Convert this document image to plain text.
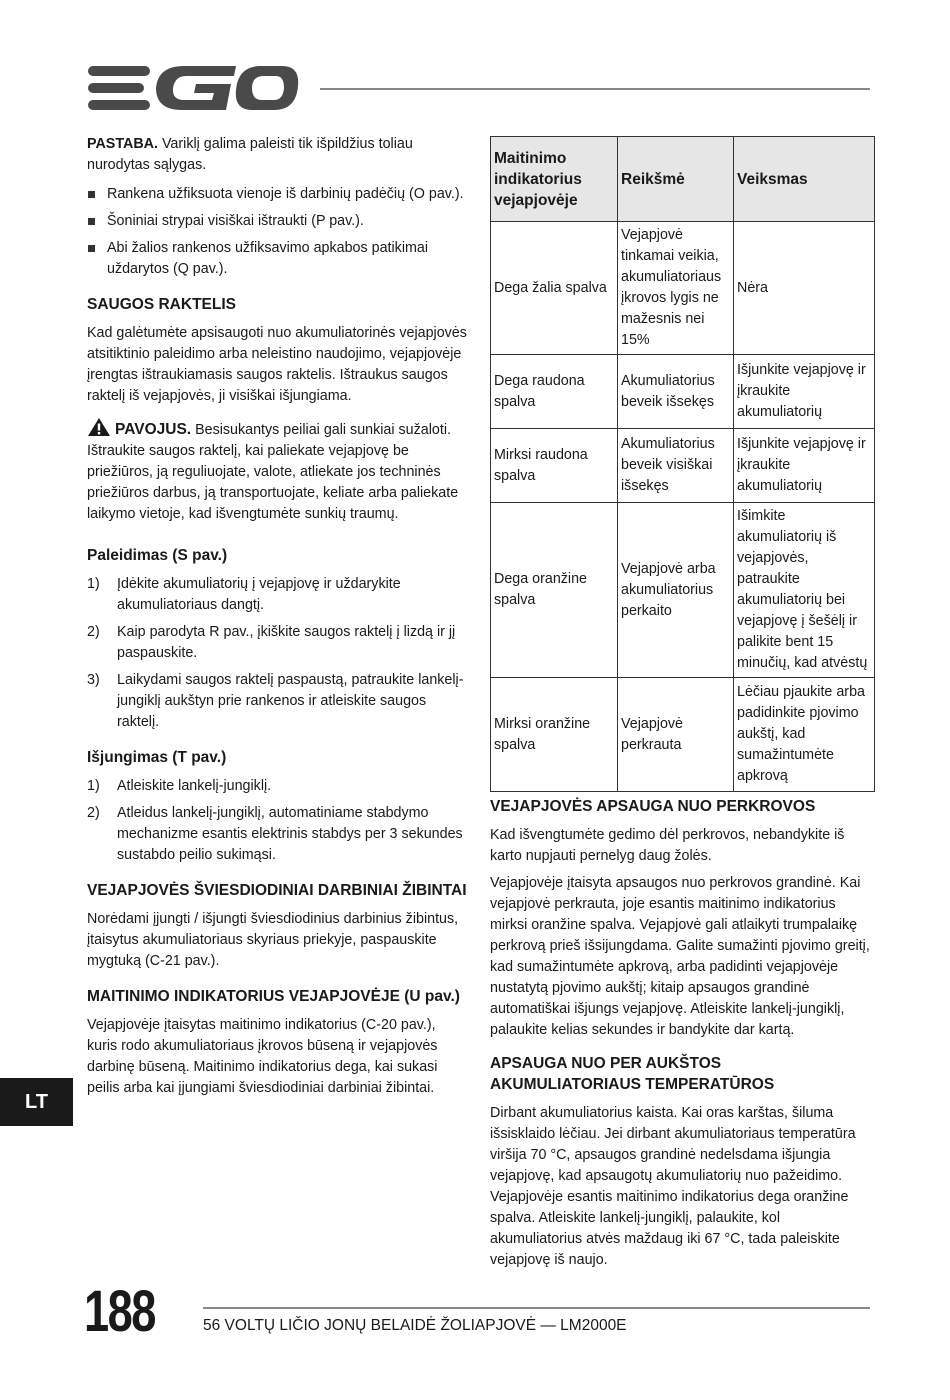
PASTABA. Variklį galima paleisti tik išpildžius toliau nurodytas sąlygas.

Rankena užfiksuota vienoje iš darbinių padėčių (O pav.).
Šoniniai strypai visiškai ištraukti (P pav.).
Abi žalios rankenos užfiksavimo apkabos patikimai uždarytos (Q pav.).
SAUGOS RAKTELIS

Kad galėtumėte apsisaugoti nuo akumuliatorinės vejapjovės atsitiktinio paleidimo arba neleistino naudojimo, vejapjovėje įrengtas ištraukiamasis saugos raktelis. Ištraukus saugos raktelį iš vejapjovės, ji visiškai išjungiama.

PAVOJUS. Besisukantys peiliai gali sunkiai sužaloti. Ištraukite saugos raktelį, kai paliekate vejapjovę be priežiūros, ją reguliuojate, valote, atliekate jos techninės priežiūros darbus, ją transportuojate, keliate arba paliekate laikymo vietoje, kad išvengtumėte sunkių traumų.

Paleidimas (S pav.)
1) Įdėkite akumuliatorių į vejapjovę ir uždarykite akumuliatoriaus dangtį.
2) Kaip parodyta R pav., įkiškite saugos raktelį į lizdą ir jį paspauskite.
3) Laikydami saugos raktelį paspaustą, patraukite lankelį-jungiklį aukštyn prie rankenos ir atleiskite saugos raktelį.
Išjungimas (T pav.)
1) Atleiskite lankelį-jungiklį.
2) Atleidus lankelį-jungiklį, automatiniame stabdymo mechanizme esantis elektrinis stabdys per 3 sekundes sustabdo peilio sukimąsi.
VEJAPJOVĖS ŠVIESDIODINIAI DARBINIAI ŽIBINTAI

Norėdami įjungti / išjungti šviesdiodinius darbinius žibintus, įtaisytus akumuliatoriaus skyriaus priekyje, paspauskite mygtuką (C-21 pav.).

MAITINIMO INDIKATORIUS VEJAPJOVĖJE (U pav.)

Vejapjovėje įtaisytas maitinimo indikatorius (C-20 pav.), kuris rodo akumuliatoriaus įkrovos būseną ir vejapjovės darbinę būseną. Maitinimo indikatorius dega, kai sukasi peilis arba kai įjungiami šviesdiodiniai darbiniai žibintai.

Maitinimo indikatorius vejapjovėje	Reikšmė	Veiksmas
Dega žalia spalva	Vejapjovė tinkamai veikia, akumuliatoriaus įkrovos lygis ne mažesnis nei 15%	Nėra
Dega raudona spalva	Akumuliatorius beveik išsekęs	Išjunkite vejapjovę ir įkraukite akumuliatorių
Mirksi raudona spalva	Akumuliatorius beveik visiškai išsekęs	Išjunkite vejapjovę ir įkraukite akumuliatorių
Dega oranžine spalva	Vejapjovė arba akumuliatorius perkaito	Išimkite akumuliatorių iš vejapjovės, patraukite akumuliatorių bei vejapjovę į šešėlį ir palikite bent 15 minučių, kad atvėstų
Mirksi oranžine spalva	Vejapjovė perkrauta	Lėčiau pjaukite arba padidinkite pjovimo aukštį, kad sumažintumėte apkrovą
VEJAPJOVĖS APSAUGA NUO PERKROVOS

Kad išvengtumėte gedimo dėl perkrovos, nebandykite iš karto nupjauti pernelyg daug žolės.

Vejapjovėje įtaisyta apsaugos nuo perkrovos grandinė. Kai vejapjovė perkrauta, joje esantis maitinimo indikatorius mirksi oranžine spalva. Vejapjovė gali atlaikyti trumpalaikę perkrovą prieš išsijungdama. Galite sumažinti pjovimo greitį, kad sumažintumėte apkrovą, arba padidinti vejapjovėje nustatytą pjovimo aukštį; kitaip apsaugos grandinė automatiškai išjungs vejapjovę. Atleiskite lankelį-jungiklį, palaukite kelias sekundes ir bandykite dar kartą.

APSAUGA NUO PER AUKŠTOS AKUMULIATORIAUS TEMPERATŪROS

Dirbant akumuliatorius kaista. Kai oras karštas, šiluma išsisklaido lėčiau. Jei dirbant akumuliatoriaus temperatūra viršija 70 °C, apsaugos grandinė nedelsdama išjungia vejapjovę, kad apsaugotų akumuliatorių nuo pažeidimo. Vejapjovėje esantis maitinimo indikatorius dega oranžine spalva. Atleiskite lankelį-jungiklį, palaukite, kol akumuliatorius atvės maždaug iki 67 °C, tada paleiskite vejapjovę iš naujo.

LT
188	56 VOLTŲ LIČIO JONŲ BELAIDĖ ŽOLIAPJOVĖ — LM2000E
